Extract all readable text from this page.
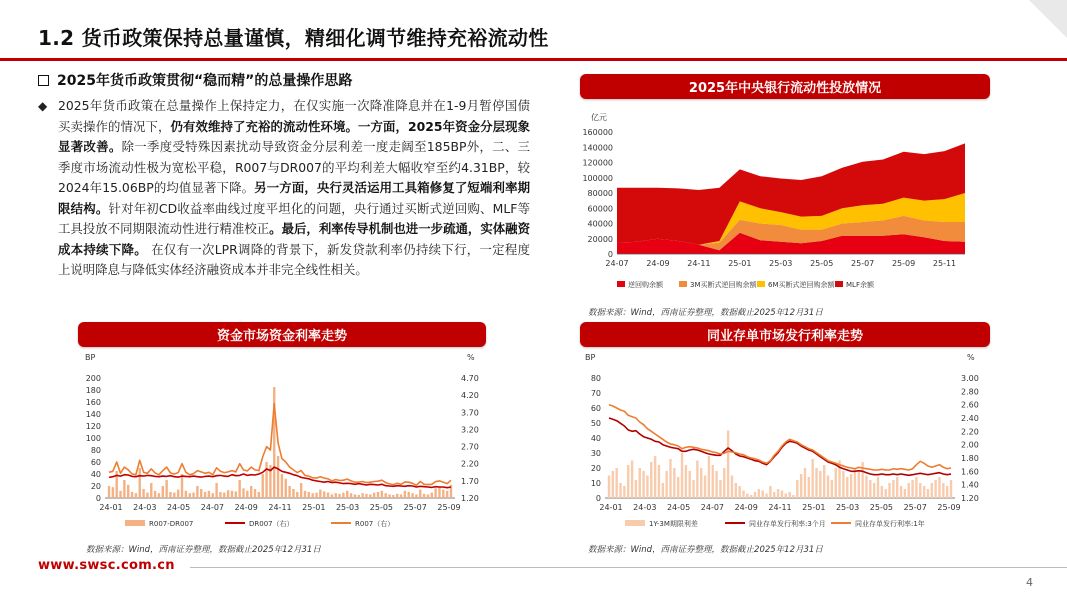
1.2 货币政策保持总量谨慎，精细化调节维持充裕流动性
2025年货币政策贯彻“稳而精”的总量操作思路
◆ 2025年货币政策在总量操作上保持定力，在仅实施一次降准降息并在1-9月暂停国债买卖操作的情况下，仍有效维持了充裕的流动性环境。一方面，2025年资金分层现象显著改善。除一季度受特殊因素扰动导致资金分层利差一度走阔至185BP外，二、三季度市场流动性极为宽松平稳，R007与DR007的平均利差大幅收窄至约4.31BP，较2024年15.06BP的均值显著下降。另一方面，央行灵活运用工具箱修复了短端利率期限结构。针对年初CD收益率曲线过度平坦化的问题，央行通过买断式逆回购、MLF等工具投放不同期限流动性进行精准校正。最后，利率传导机制也进一步疏通，实体融资成本持续下降。 在仅有一次LPR调降的背景下，新发贷款利率仍持续下行，一定程度上说明降息与降低实体经济融资成本并非完全线性相关。

2025年中央银行流动性投放情况
亿元
0
20000
40000
60000
80000
100000
120000
140000
160000
24-07 24-09 24-11 25-01 25-03 25-05 25-07 25-09 25-11
逆回购余额	3M买断式逆回购余额 6M买断式逆回购余额 MLF余额
数据来源：Wind，西南证券整理，数据截止2025年12月31日
资金市场资金利率走势
BP	%
0
20
40
60
80
100
120
140
160
180
200
1.20
1.70
2.20
2.70
3.20
3.70
4.20
4.70
24-01 24-03 24-05 24-07 24-09 24-11 25-01 25-03 25-05 25-07 25-09
R007-DR007	DR007（右）	R007（右）
数据来源：Wind，西南证券整理，数据截止2025年12月31日
同业存单市场发行利率走势
BP	%
0
10
20
30
40
50
60
70
80
1.20
1.40
1.60
1.80
2.00
2.20
2.40
2.60
2.80
3.00
24-01 24-03 24-05 24-07 24-09 24-11 25-01 25-03 25-05 25-07 25-09
1Y-3M期限利差	同业存单发行利率:3个月	同业存单发行利率:1年
数据来源：Wind，西南证券整理，数据截止2025年12月31日
www.swsc.com.cn
4
